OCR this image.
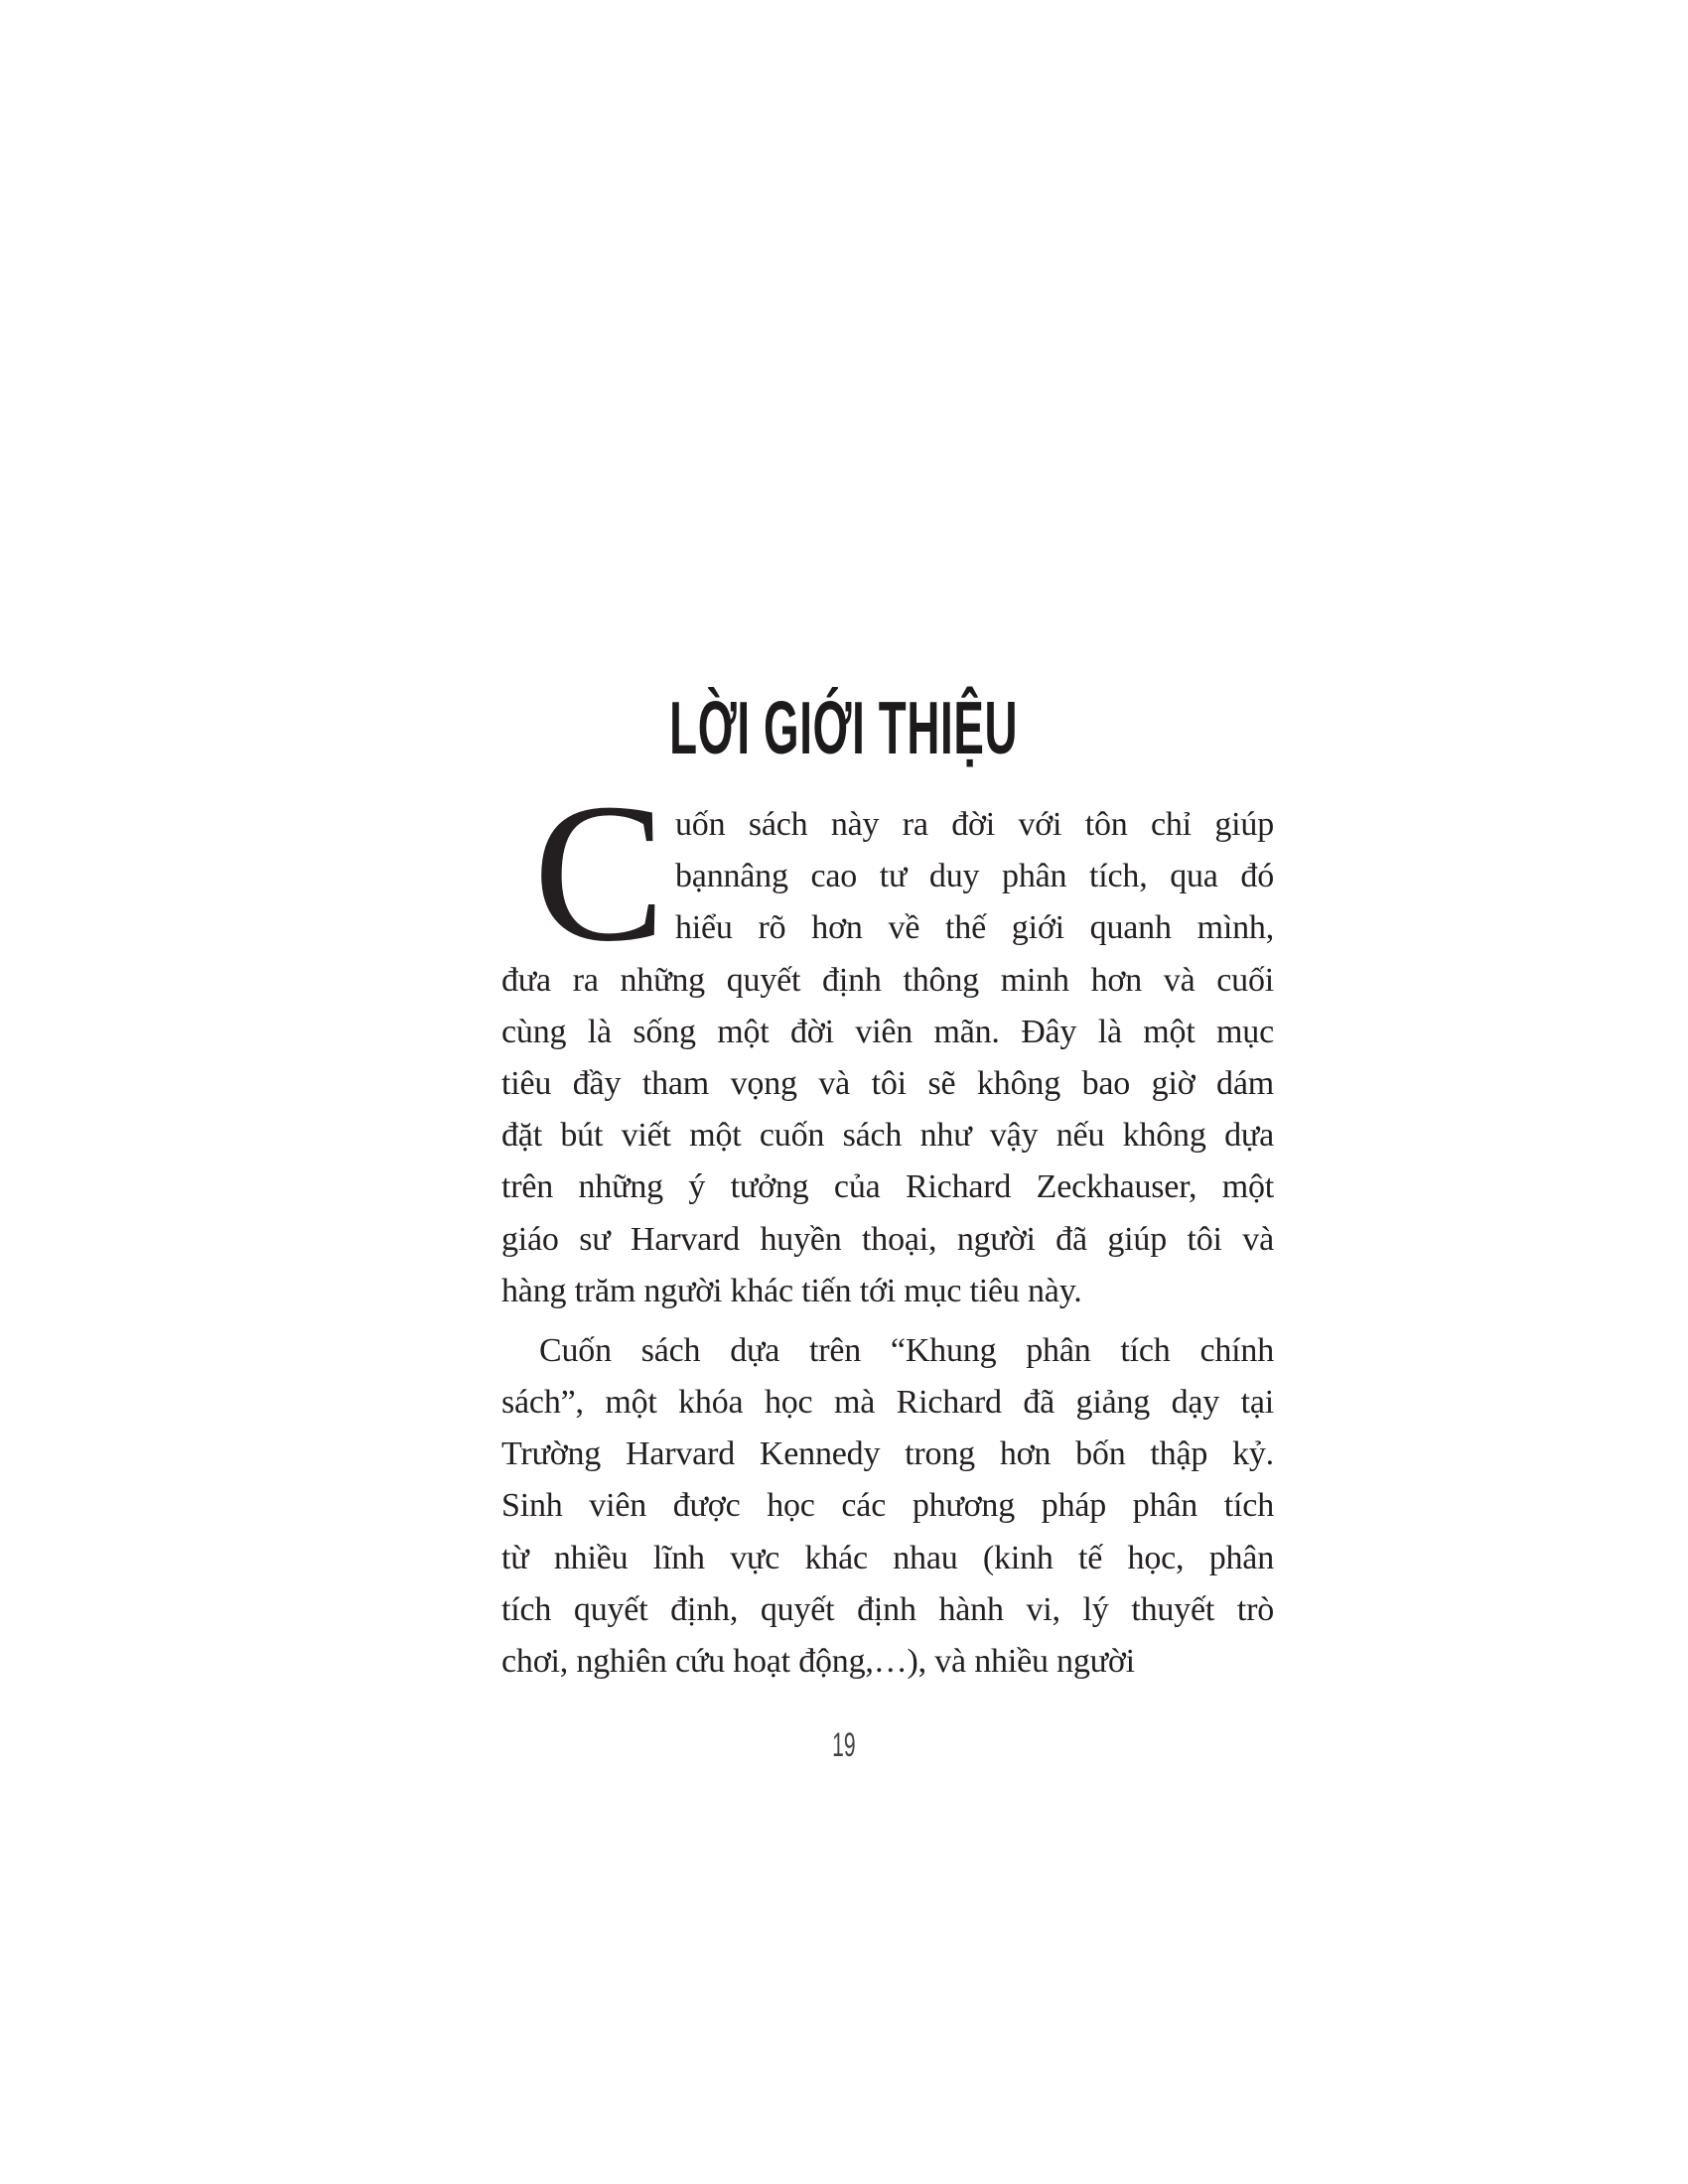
LỜI GIỚI THIỆU
C uốn sách này ra đời với tôn chỉ giúp
bạnnâng cao tư duy phân tích, qua đó
hiểu rõ hơn về thế giới quanh mình,
đưa ra những quyết định thông minh hơn và cuối
cùng là sống một đời viên mãn. Đây là một mục
tiêu đầy tham vọng và tôi sẽ không bao giờ dám
đặt bút viết một cuốn sách như vậy nếu không dựa
trên những ý tưởng của Richard Zeckhauser, một
giáo sư Harvard huyền thoại, người đã giúp tôi và
hàng trăm người khác tiến tới mục tiêu này.
Cuốn sách dựa trên “Khung phân tích chính
sách”, một khóa học mà Richard đã giảng dạy tại
Trường Harvard Kennedy trong hơn bốn thập kỷ.
Sinh viên được học các phương pháp phân tích
từ nhiều lĩnh vực khác nhau (kinh tế học, phân
tích quyết định, quyết định hành vi, lý thuyết trò
chơi, nghiên cứu hoạt động,…), và nhiều người
19
